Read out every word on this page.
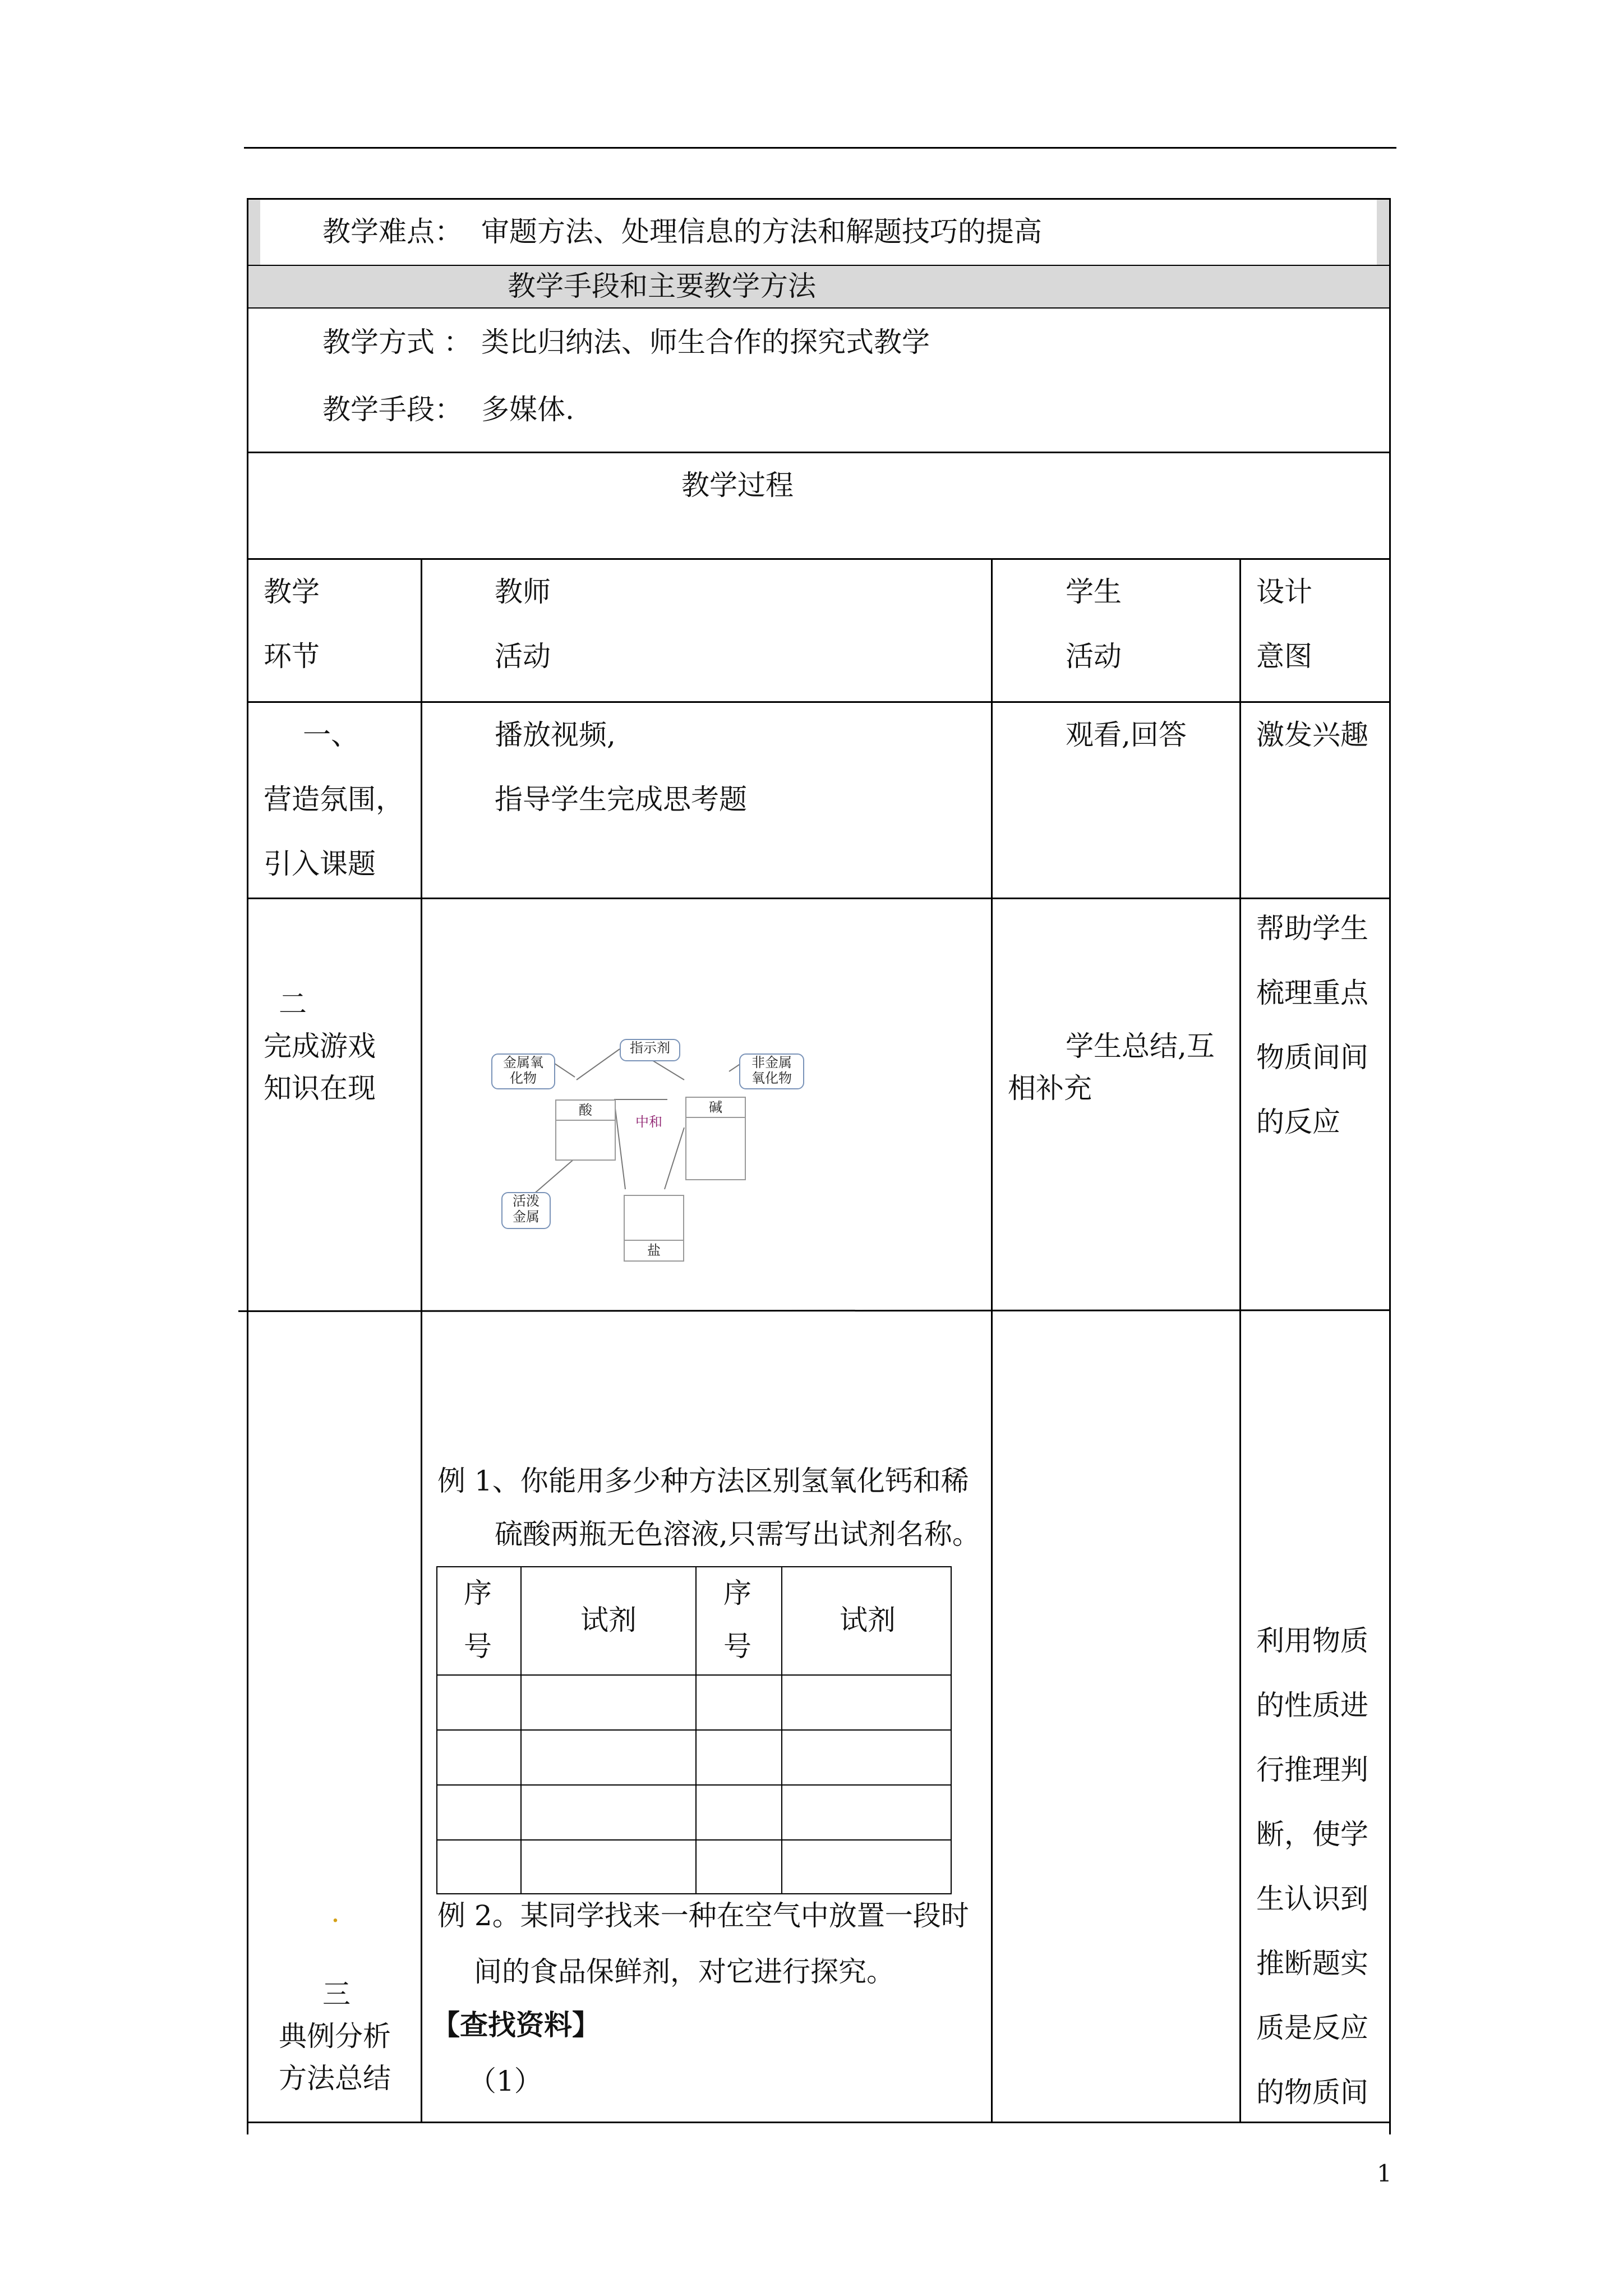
教学难点： 审题方法、处理信息的方法和解题技巧的提高
教学手段和主要教学方法
教学方式 ： 类比归纳法、师生合作的探究式教学
教学手段： 多媒体.
教学过程
教学
环节
教师
活动
学生
活动
设计
意图
一、
营造氛围，
引入课题
播放视频,
指导学生完成思考题
观看,回答 激发兴趣
二
完成游戏
知识在现
学生总结,互
相补充
帮助学生
梳理重点
物质间间
的反应
指示剂
金属氧
化物
非金属
氧化物
活泼
金属
酸	碱
中和
盐
.
三
典例分析
方法总结
例 1、你能用多少种方法区别氢氧化钙和稀
硫酸两瓶无色溶液,只需写出试剂名称。
序
号
试剂
序
号
试剂
例 2。某同学找来一种在空气中放置一段时
间的食品保鲜剂，对它进行探究。
【查找资料】
（1）
利用物质
的性质进
行推理判
断，使学
生认识到
推断题实
质是反应
的物质间
1
